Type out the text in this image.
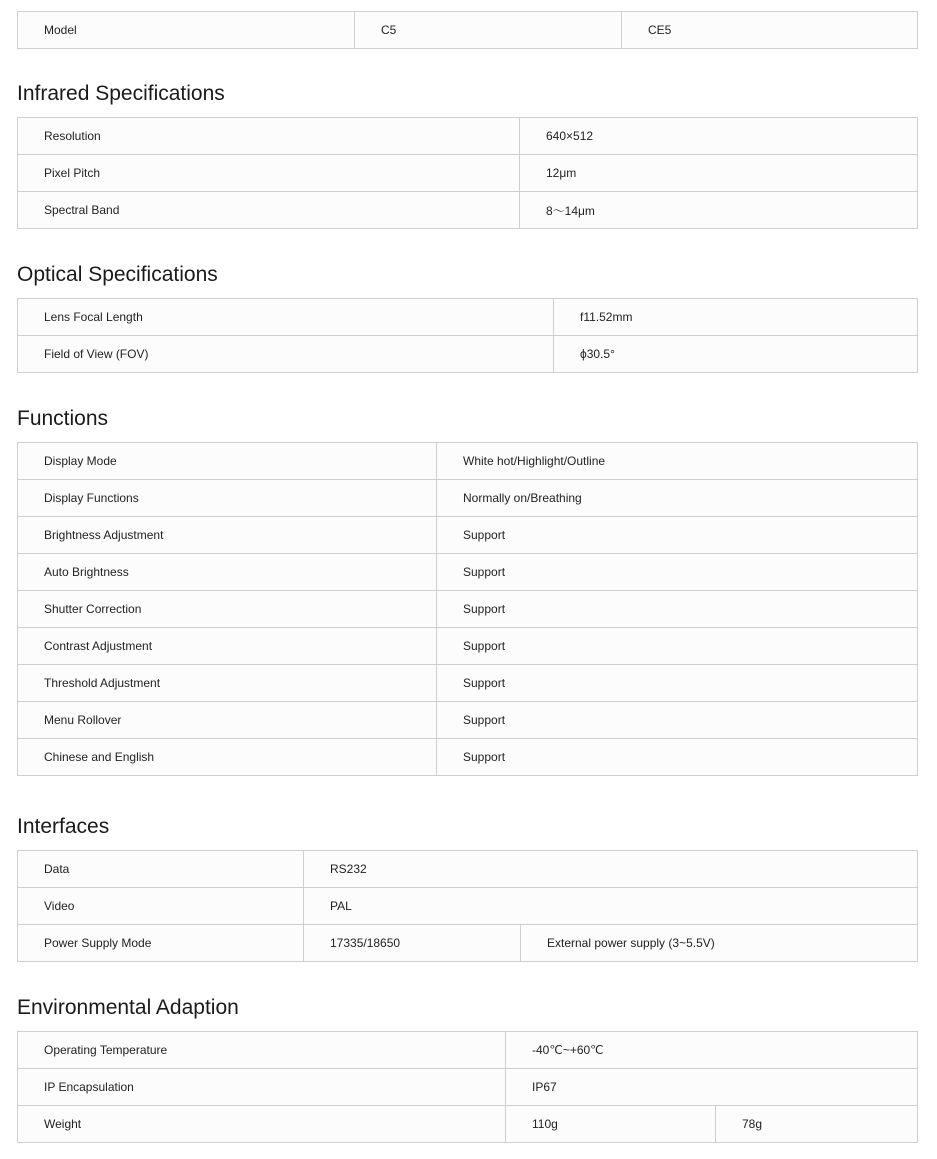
Model	C5	CE5
Infrared Specifications
Resolution	640×512
Pixel Pitch	12μm
Spectral Band	8～14μm
Optical Specifications
Lens Focal Length	f11.52mm
Field of View (FOV)	ϕ30.5°
Functions
Display Mode	White hot/Highlight/Outline
Display Functions	Normally on/Breathing
Brightness Adjustment	Support
Auto Brightness	Support
Shutter Correction	Support
Contrast Adjustment	Support
Threshold Adjustment	Support
Menu Rollover	Support
Chinese and English	Support
Interfaces
Data	RS232	
Video	PAL	
Power Supply Mode	17335/18650	External power supply (3~5.5V)
Environmental Adaption
Operating Temperature	-40℃~+60℃	
IP Encapsulation	IP67	
Weight	110g	78g
